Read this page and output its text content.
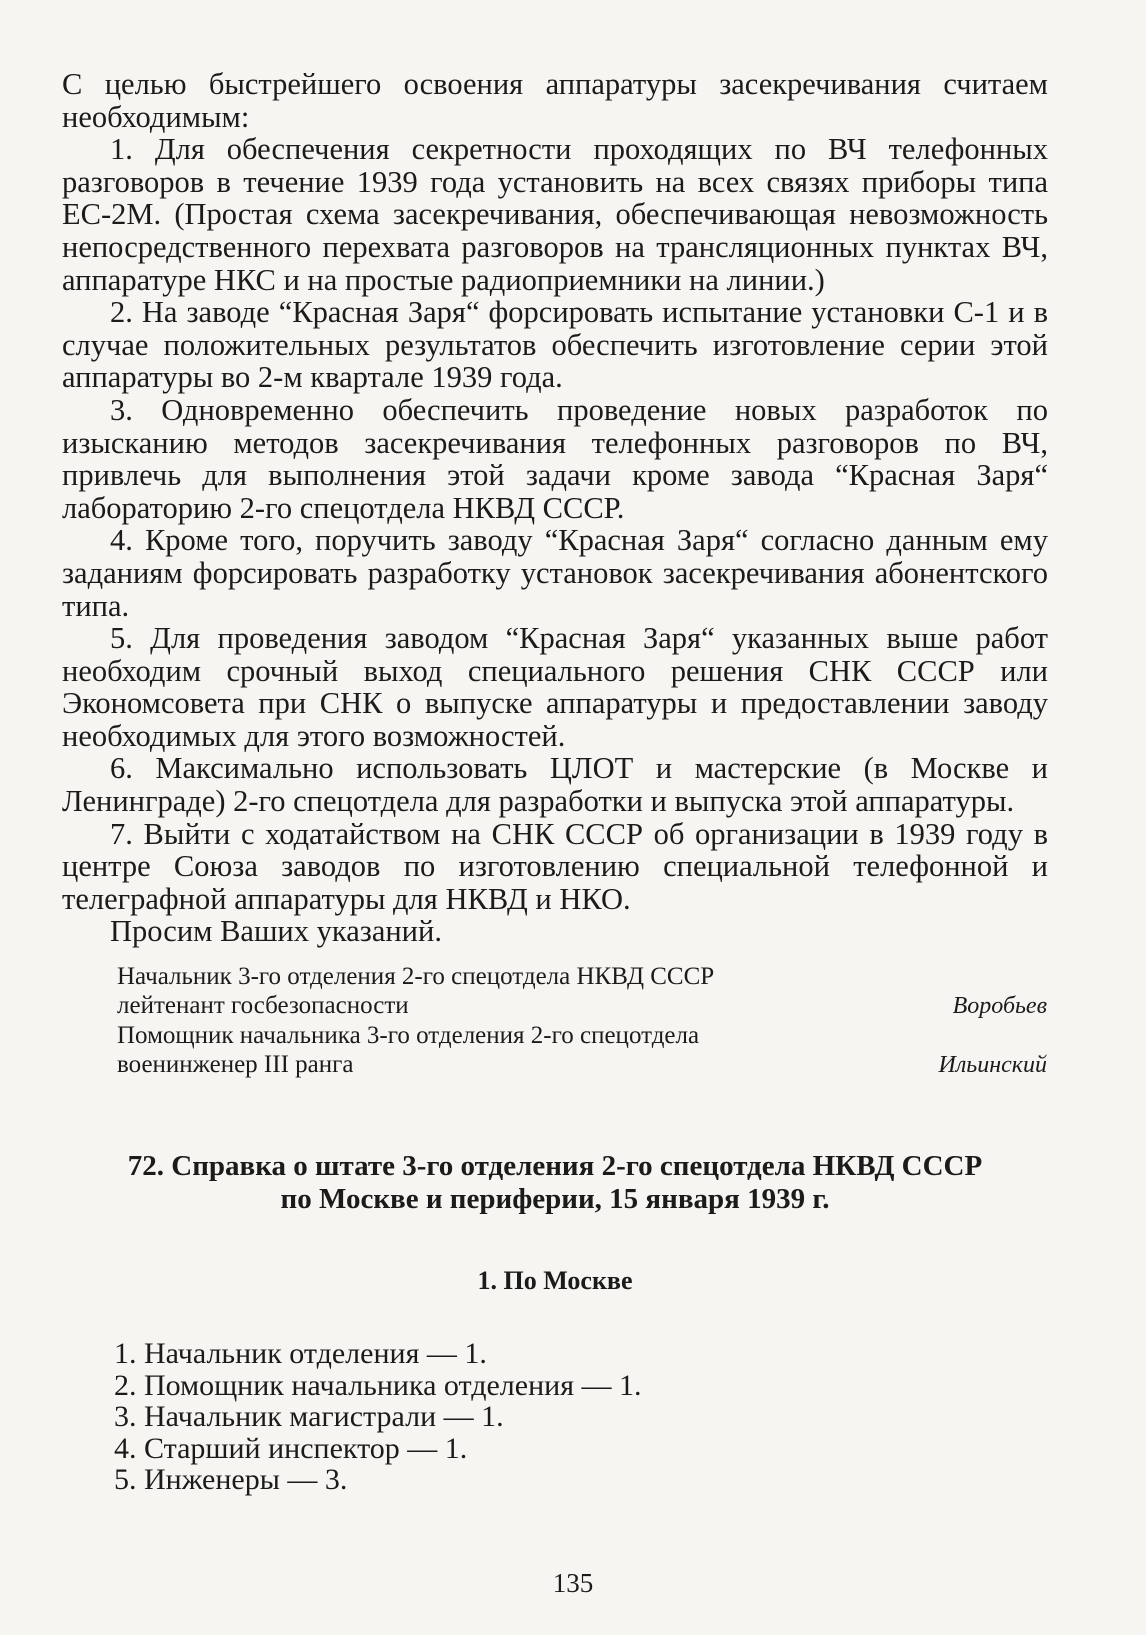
С целью быстрейшего освоения аппаратуры засекречивания считаем необходимым:

1. Для обеспечения секретности проходящих по ВЧ телефонных разговоров в течение 1939 года установить на всех связях приборы типа ЕС-2М. (Простая схема засекречивания, обеспечивающая невозможность непосредственного перехвата разговоров на трансляционных пунктах ВЧ, аппаратуре НКС и на простые радиоприемники на линии.)

2. На заводе “Красная Заря“ форсировать испытание установки С-1 и в случае положительных результатов обеспечить изготовление серии этой аппаратуры во 2-м квартале 1939 года.

3. Одновременно обеспечить проведение новых разработок по изысканию методов засекречивания телефонных разговоров по ВЧ, привлечь для выполнения этой задачи кроме завода “Красная Заря“ лабораторию 2-го спецотдела НКВД СССР.

4. Кроме того, поручить заводу “Красная Заря“ согласно данным ему заданиям форсировать разработку установок засекречивания абонентского типа.

5. Для проведения заводом “Красная Заря“ указанных выше работ необходим срочный выход специального решения СНК СССР или Экономсовета при СНК о выпуске аппаратуры и предоставлении заводу необходимых для этого возможностей.

6. Максимально использовать ЦЛОТ и мастерские (в Москве и Ленинграде) 2-го спецотдела для разработки и выпуска этой аппаратуры.

7. Выйти с ходатайством на СНК СССР об организации в 1939 году в центре Союза заводов по изготовлению специальной телефонной и телеграфной аппаратуры для НКВД и НКО.

Просим Ваших указаний.

Начальник 3-го отделения 2-го спецотдела НКВД СССР
лейтенант госбезопасности	Воробьев
Помощник начальника 3-го отделения 2-го спецотдела
военинженер III ранга	Ильинский
72. Справка о штате 3-го отделения 2-го спецотдела НКВД СССР
по Москве и периферии, 15 января 1939 г.
1. По Москве
1. Начальник отделения — 1.
2. Помощник начальника отделения — 1.
3. Начальник магистрали — 1.
4. Старший инспектор — 1.
5. Инженеры — 3.
135
